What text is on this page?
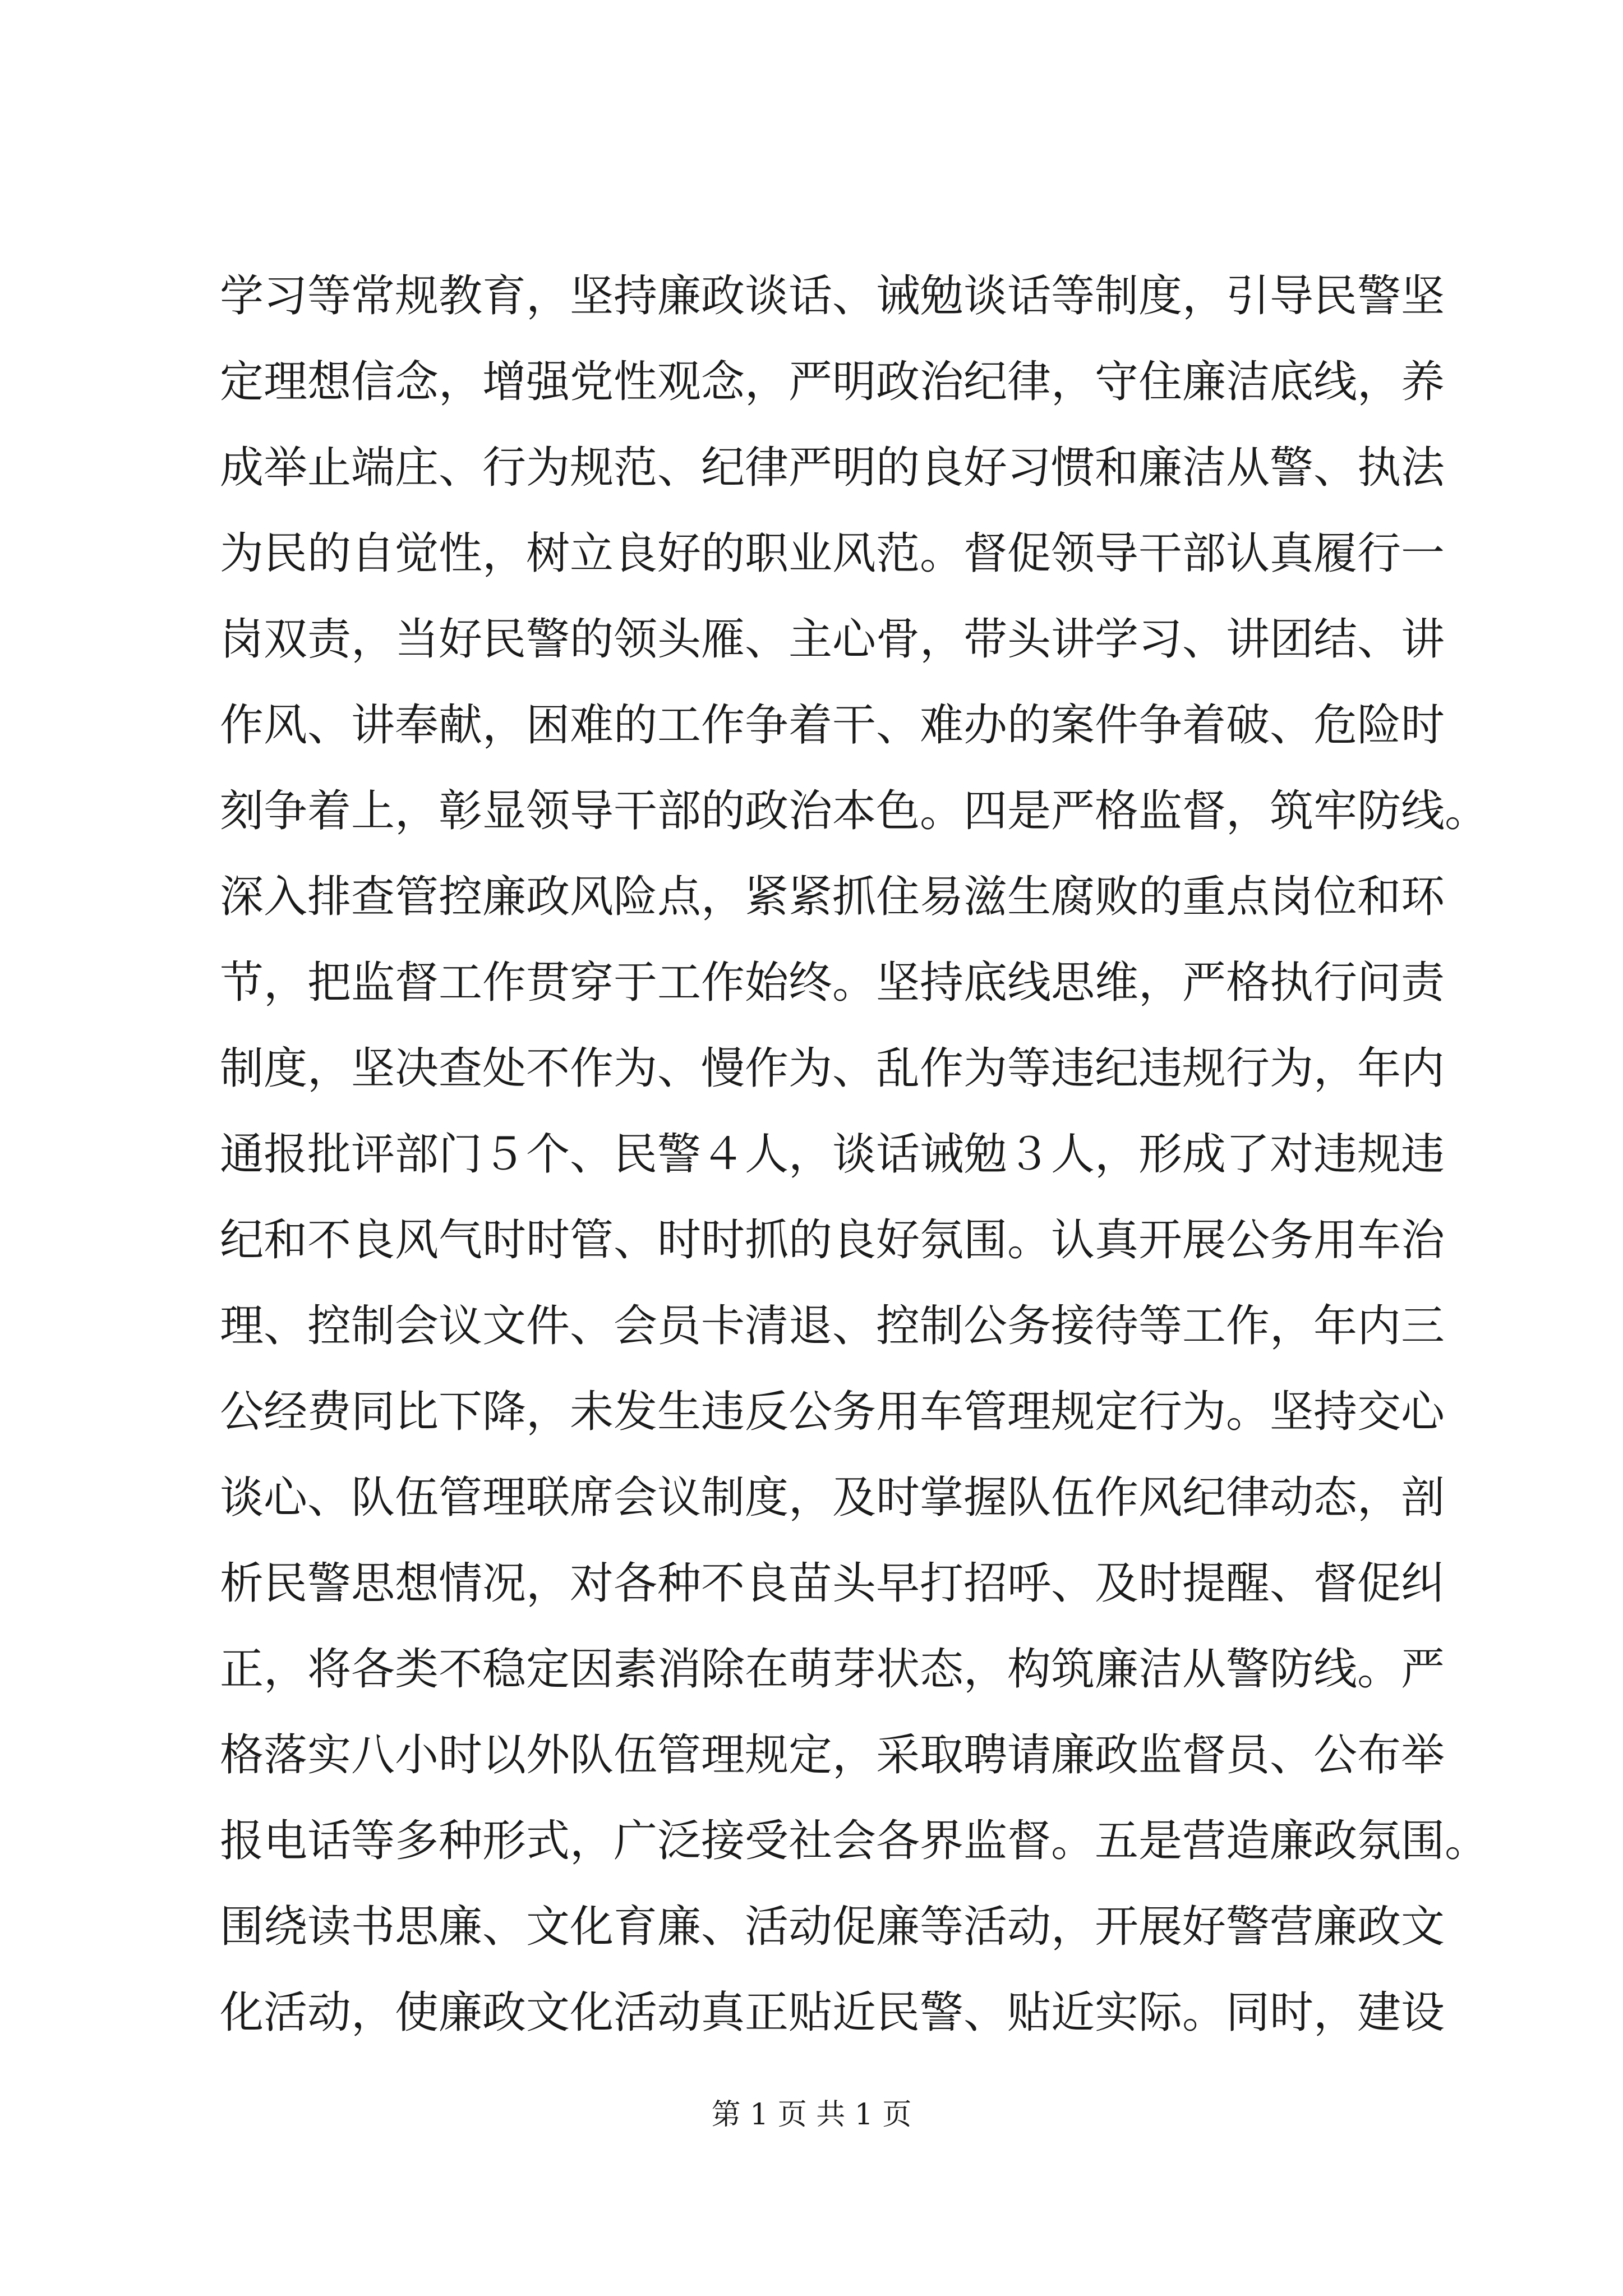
学习等常规教育，坚持廉政谈话、诫勉谈话等制度，引导民警坚
定理想信念，增强党性观念，严明政治纪律，守住廉洁底线，养
成举止端庄、行为规范、纪律严明的良好习惯和廉洁从警、执法
为民的自觉性，树立良好的职业风范。督促领导干部认真履行一
岗双责，当好民警的领头雁、主心骨，带头讲学习、讲团结、讲
作风、讲奉献，困难的工作争着干、难办的案件争着破、危险时
刻争着上，彰显领导干部的政治本色。四是严格监督，筑牢防线。
深入排查管控廉政风险点，紧紧抓住易滋生腐败的重点岗位和环
节，把监督工作贯穿于工作始终。坚持底线思维，严格执行问责
制度，坚决查处不作为、慢作为、乱作为等违纪违规行为，年内
通报批评部门５个、民警４人，谈话诫勉３人，形成了对违规违
纪和不良风气时时管、时时抓的良好氛围。认真开展公务用车治
理、控制会议文件、会员卡清退、控制公务接待等工作，年内三
公经费同比下降，未发生违反公务用车管理规定行为。坚持交心
谈心、队伍管理联席会议制度，及时掌握队伍作风纪律动态，剖
析民警思想情况，对各种不良苗头早打招呼、及时提醒、督促纠
正，将各类不稳定因素消除在萌芽状态，构筑廉洁从警防线。严
格落实八小时以外队伍管理规定，采取聘请廉政监督员、公布举
报电话等多种形式，广泛接受社会各界监督。五是营造廉政氛围。
围绕读书思廉、文化育廉、活动促廉等活动，开展好警营廉政文
化活动，使廉政文化活动真正贴近民警、贴近实际。同时，建设
第 1 页 共 1 页
